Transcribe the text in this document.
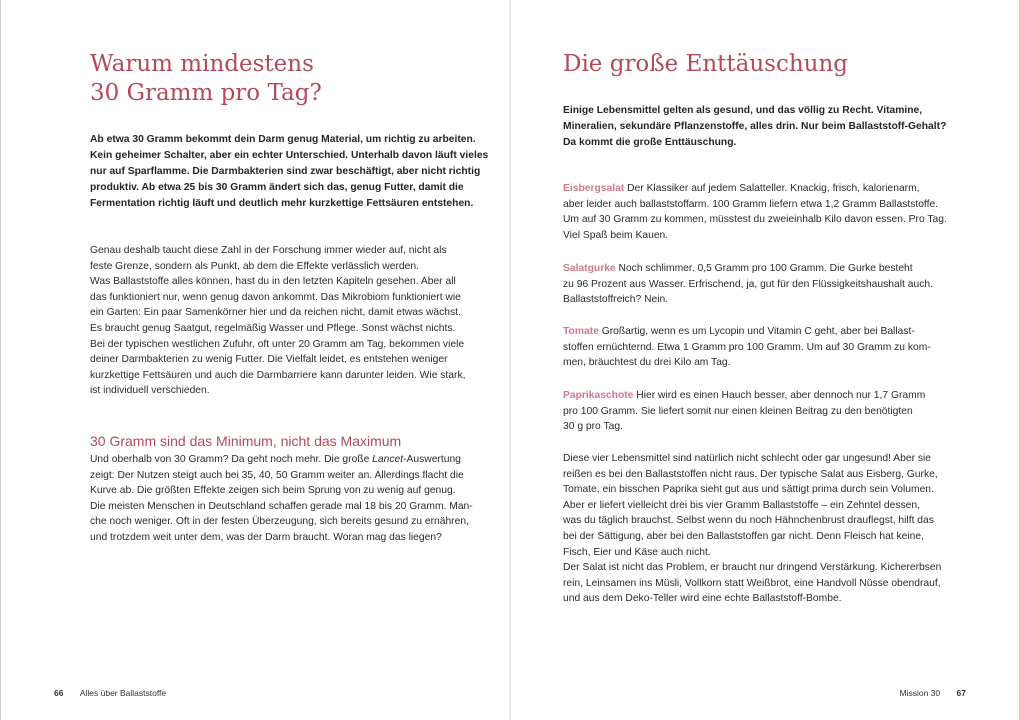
Warum mindestens
30 Gramm pro Tag?
Ab etwa 30 Gramm bekommt dein Darm genug Material, um richtig zu arbeiten.
Kein geheimer Schalter, aber ein echter Unterschied. Unterhalb davon läuft vieles
nur auf Sparflamme. Die Darmbakterien sind zwar beschäftigt, aber nicht richtig
produktiv. Ab etwa 25 bis 30 Gramm ändert sich das, genug Futter, damit die
Fermentation richtig läuft und deutlich mehr kurzkettige Fettsäuren entstehen.
Genau deshalb taucht diese Zahl in der Forschung immer wieder auf, nicht als
feste Grenze, sondern als Punkt, ab dem die Effekte verlässlich werden.
Was Ballaststoffe alles können, hast du in den letzten Kapiteln gesehen. Aber all
das funktioniert nur, wenn genug davon ankommt. Das Mikrobiom funktioniert wie
ein Garten: Ein paar Samenkörner hier und da reichen nicht, damit etwas wächst.
Es braucht genug Saatgut, regelmäßig Wasser und Pflege. Sonst wächst nichts.
Bei der typischen westlichen Zufuhr, oft unter 20 Gramm am Tag, bekommen viele
deiner Darmbakterien zu wenig Futter. Die Vielfalt leidet, es entstehen weniger
kurzkettige Fettsäuren und auch die Darmbarriere kann darunter leiden. Wie stark,
ist individuell verschieden.
30 Gramm sind das Minimum, nicht das Maximum
Und oberhalb von 30 Gramm? Da geht noch mehr. Die große Lancet-Auswertung
zeigt: Der Nutzen steigt auch bei 35, 40, 50 Gramm weiter an. Allerdings flacht die
Kurve ab. Die größten Effekte zeigen sich beim Sprung von zu wenig auf genug.
Die meisten Menschen in Deutschland schaffen gerade mal 18 bis 20 Gramm. Man-
che noch weniger. Oft in der festen Überzeugung, sich bereits gesund zu ernähren,
und trotzdem weit unter dem, was der Darm braucht. Woran mag das liegen?
66 Alles über Ballaststoffe
Die große Enttäuschung
Einige Lebensmittel gelten als gesund, und das völlig zu Recht. Vitamine,
Mineralien, sekundäre Pflanzenstoffe, alles drin. Nur beim Ballaststoff-Gehalt?
Da kommt die große Enttäuschung.
Eisbergsalat Der Klassiker auf jedem Salatteller. Knackig, frisch, kalorienarm,
aber leider auch ballaststoffarm. 100 Gramm liefern etwa 1,2 Gramm Ballaststoffe.
Um auf 30 Gramm zu kommen, müsstest du zweieinhalb Kilo davon essen. Pro Tag.
Viel Spaß beim Kauen.
Salatgurke Noch schlimmer. 0,5 Gramm pro 100 Gramm. Die Gurke besteht
zu 96 Prozent aus Wasser. Erfrischend, ja, gut für den Flüssigkeitshaushalt auch.
Ballaststoffreich? Nein.
Tomate Großartig, wenn es um Lycopin und Vitamin C geht, aber bei Ballast-
stoffen ernüchternd. Etwa 1 Gramm pro 100 Gramm. Um auf 30 Gramm zu kom-
men, bräuchtest du drei Kilo am Tag.
Paprikaschote Hier wird es einen Hauch besser, aber dennoch nur 1,7 Gramm
pro 100 Gramm. Sie liefert somit nur einen kleinen Beitrag zu den benötigten
30 g pro Tag.
Diese vier Lebensmittel sind natürlich nicht schlecht oder gar ungesund! Aber sie
reißen es bei den Ballaststoffen nicht raus. Der typische Salat aus Eisberg, Gurke,
Tomate, ein bisschen Paprika sieht gut aus und sättigt prima durch sein Volumen.
Aber er liefert vielleicht drei bis vier Gramm Ballaststoffe – ein Zehntel dessen,
was du täglich brauchst. Selbst wenn du noch Hähnchenbrust drauflegst, hilft das
bei der Sättigung, aber bei den Ballaststoffen gar nicht. Denn Fleisch hat keine,
Fisch, Eier und Käse auch nicht.
Der Salat ist nicht das Problem, er braucht nur dringend Verstärkung. Kichererbsen
rein, Leinsamen ins Müsli, Vollkorn statt Weißbrot, eine Handvoll Nüsse obendrauf,
und aus dem Deko-Teller wird eine echte Ballaststoff-Bombe.
Mission 30 67
